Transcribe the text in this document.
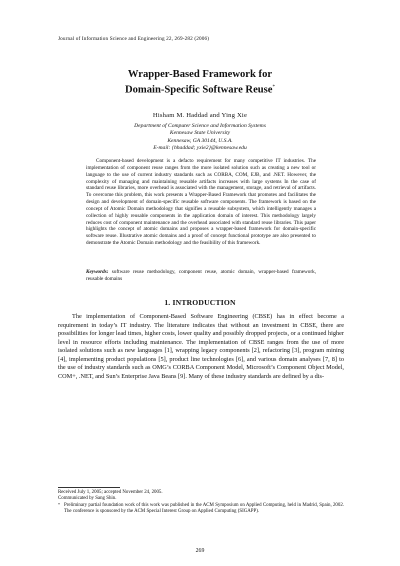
Journal of Information Science and Engineering 22, 269-282 (2006)
Wrapper-Based Framework for
Domain-Specific Software Reuse*
Hisham M. Haddad and Ying Xie
Department of Computer Science and Information Systems
Kennesaw State University
Kennesaw, GA 30144, U.S.A.
E-mail: {hhaddad; yxie2}@kennesaw.edu

Component-based development is a defacto requirement for many competitive IT industries. The implementation of component reuse ranges from the more isolated solution such as creating a new tool or language to the use of current industry standards such as CORBA, COM, EJB, and .NET. However, the complexity of managing and maintaining reusable artifacts increases with large systems In the case of standard reuse libraries, more overhead is associated with the management, storage, and retrieval of artifacts. To overcome this problem, this work presents a Wrapper-Based Framework that promotes and facilitates the design and development of domain-specific reusable software components. The framework is based on the concept of Atomic Domain methodology that signifies a reusable subsystem, which intelligently manages a collection of highly reusable components in the application domain of interest. This methodology largely reduces cost of component maintenance and the overhead associated with standard reuse libraries. This paper highlights the concept of atomic domains and proposes a wrapper-based framework for domain-specific software reuse. Illustrative atomic domains and a proof of concept functional prototype are also presented to demonstrate the Atomic Domain methodology and the feasibility of this framework.

Keywords: software reuse methodology, component reuse, atomic domain, wrapper-based framework, reusable domains

1. INTRODUCTION

The implementation of Component-Based Software Engineering (CBSE) has in effect become a requirement in today’s IT industry. The literature indicates that without an investment in CBSE, there are possibilities for longer lead times, higher costs, lower quality and possibly dropped projects, or a continued higher level in resource efforts including maintenance. The implementation of CBSE ranges from the use of more isolated solutions such as new languages [1], wrapping legacy components [2], refactoring [3], program mining [4], implementing product populations [5], product line technologies [6], and various domain analyses [7, 8] to the use of industry standards such as OMG’s CORBA Component Model, Microsoft’s Component Object Model, COM+, .NET, and Sun’s Enterprise Java Beans [9]. Many of these industry standards are defined by a dis-

Received July 1, 2005; accepted November 24, 2005.

Communicated by Sang Shin.

* Preliminary partial foundation work of this work was published in the ACM Symposium on Applied Computing, held in Madrid, Spain, 2002. The conference is sponsored by the ACM Special Interest Group on Applied Computing (SIGAPP).

269
